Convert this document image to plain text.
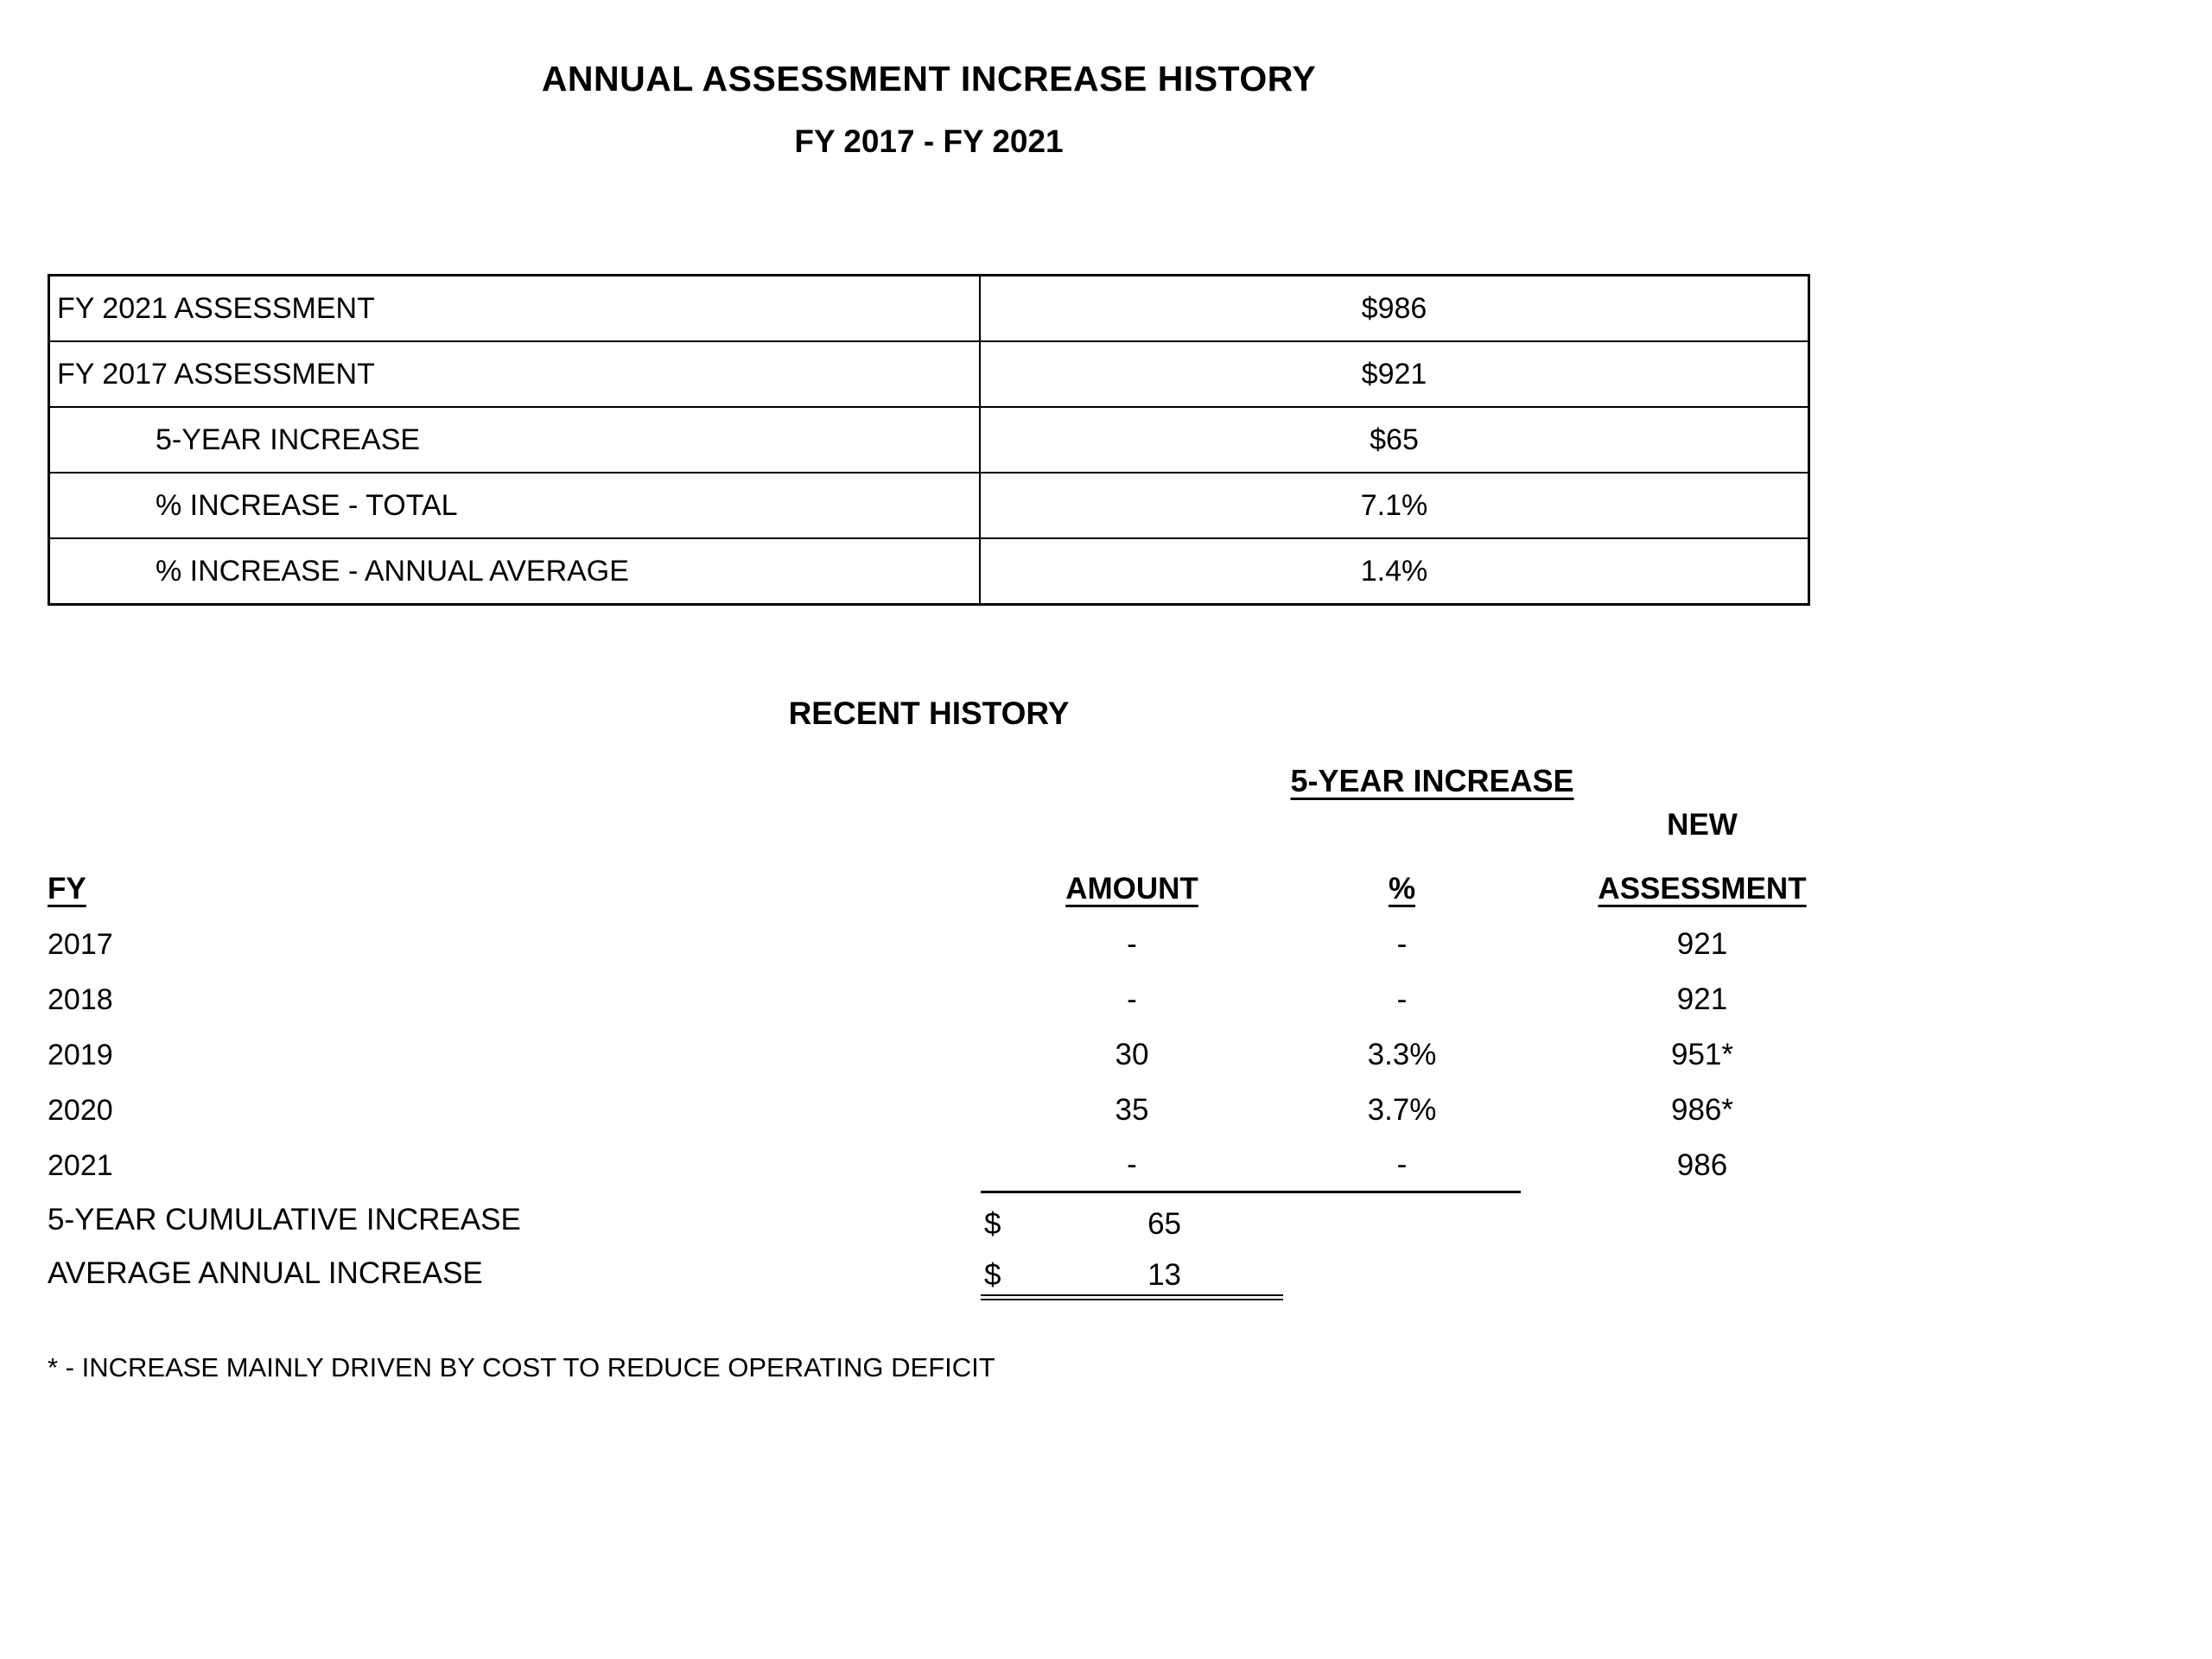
ANNUAL ASSESSMENT INCREASE HISTORY
FY 2017 - FY 2021
FY 2021 ASSESSMENT	$986
FY 2017 ASSESSMENT	$921
5-YEAR INCREASE	$65
% INCREASE - TOTAL	7.1%
% INCREASE - ANNUAL AVERAGE	1.4%
RECENT HISTORY
5-YEAR INCREASE
NEW
FY	AMOUNT	%	ASSESSMENT
2017	-	-	921
2018	-	-	921
2019	30	3.3%	951*
2020	35	3.7%	986*
2021	-	-	986
5-YEAR CUMULATIVE INCREASE	$	65
AVERAGE ANNUAL INCREASE	$	13
* - INCREASE MAINLY DRIVEN BY COST TO REDUCE OPERATING DEFICIT
